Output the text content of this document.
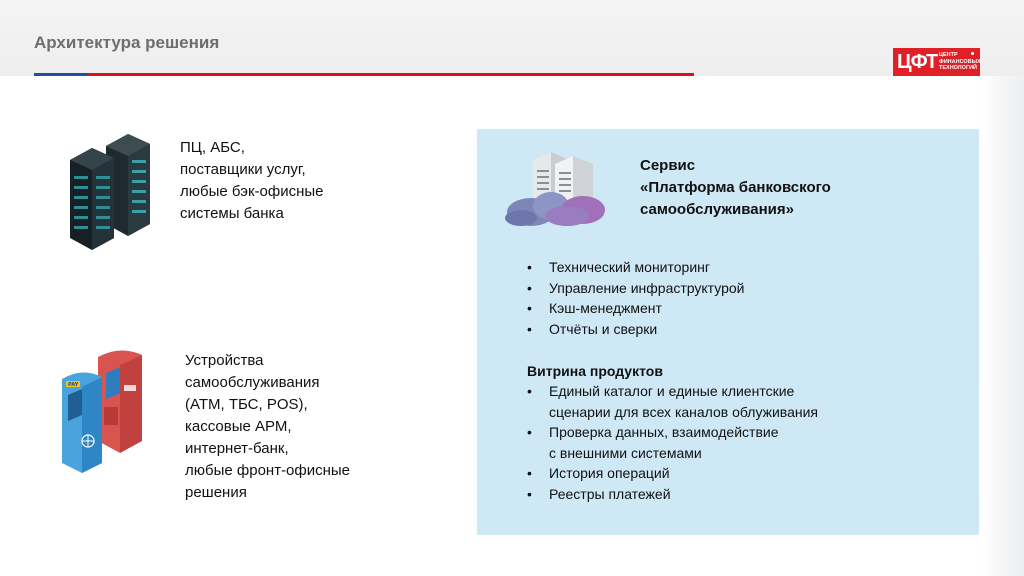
Архитектура решения
ЦФТ ЦЕНТР
ФИНАНСОВЫХ
ТЕХНОЛОГИЙ
ПЦ, АБС,
поставщики услуг,
любые бэк-офисные
системы банка
PAY
Устройства
самообслуживания
(АТМ, ТБС, POS),
кассовые АРМ,
интернет-банк,
любые фронт-офисные
решения
Сервис
«Платформа банковского
самообслуживания»
• Технический мониторинг
• Управление инфраструктурой
• Кэш-менеджмент
• Отчёты и сверки
Витрина продуктов
• Единый каталог и единые клиентские
сценарии для всех каналов облуживания
• Проверка данных, взаимодействие
с внешними системами
• История операций
• Реестры платежей
